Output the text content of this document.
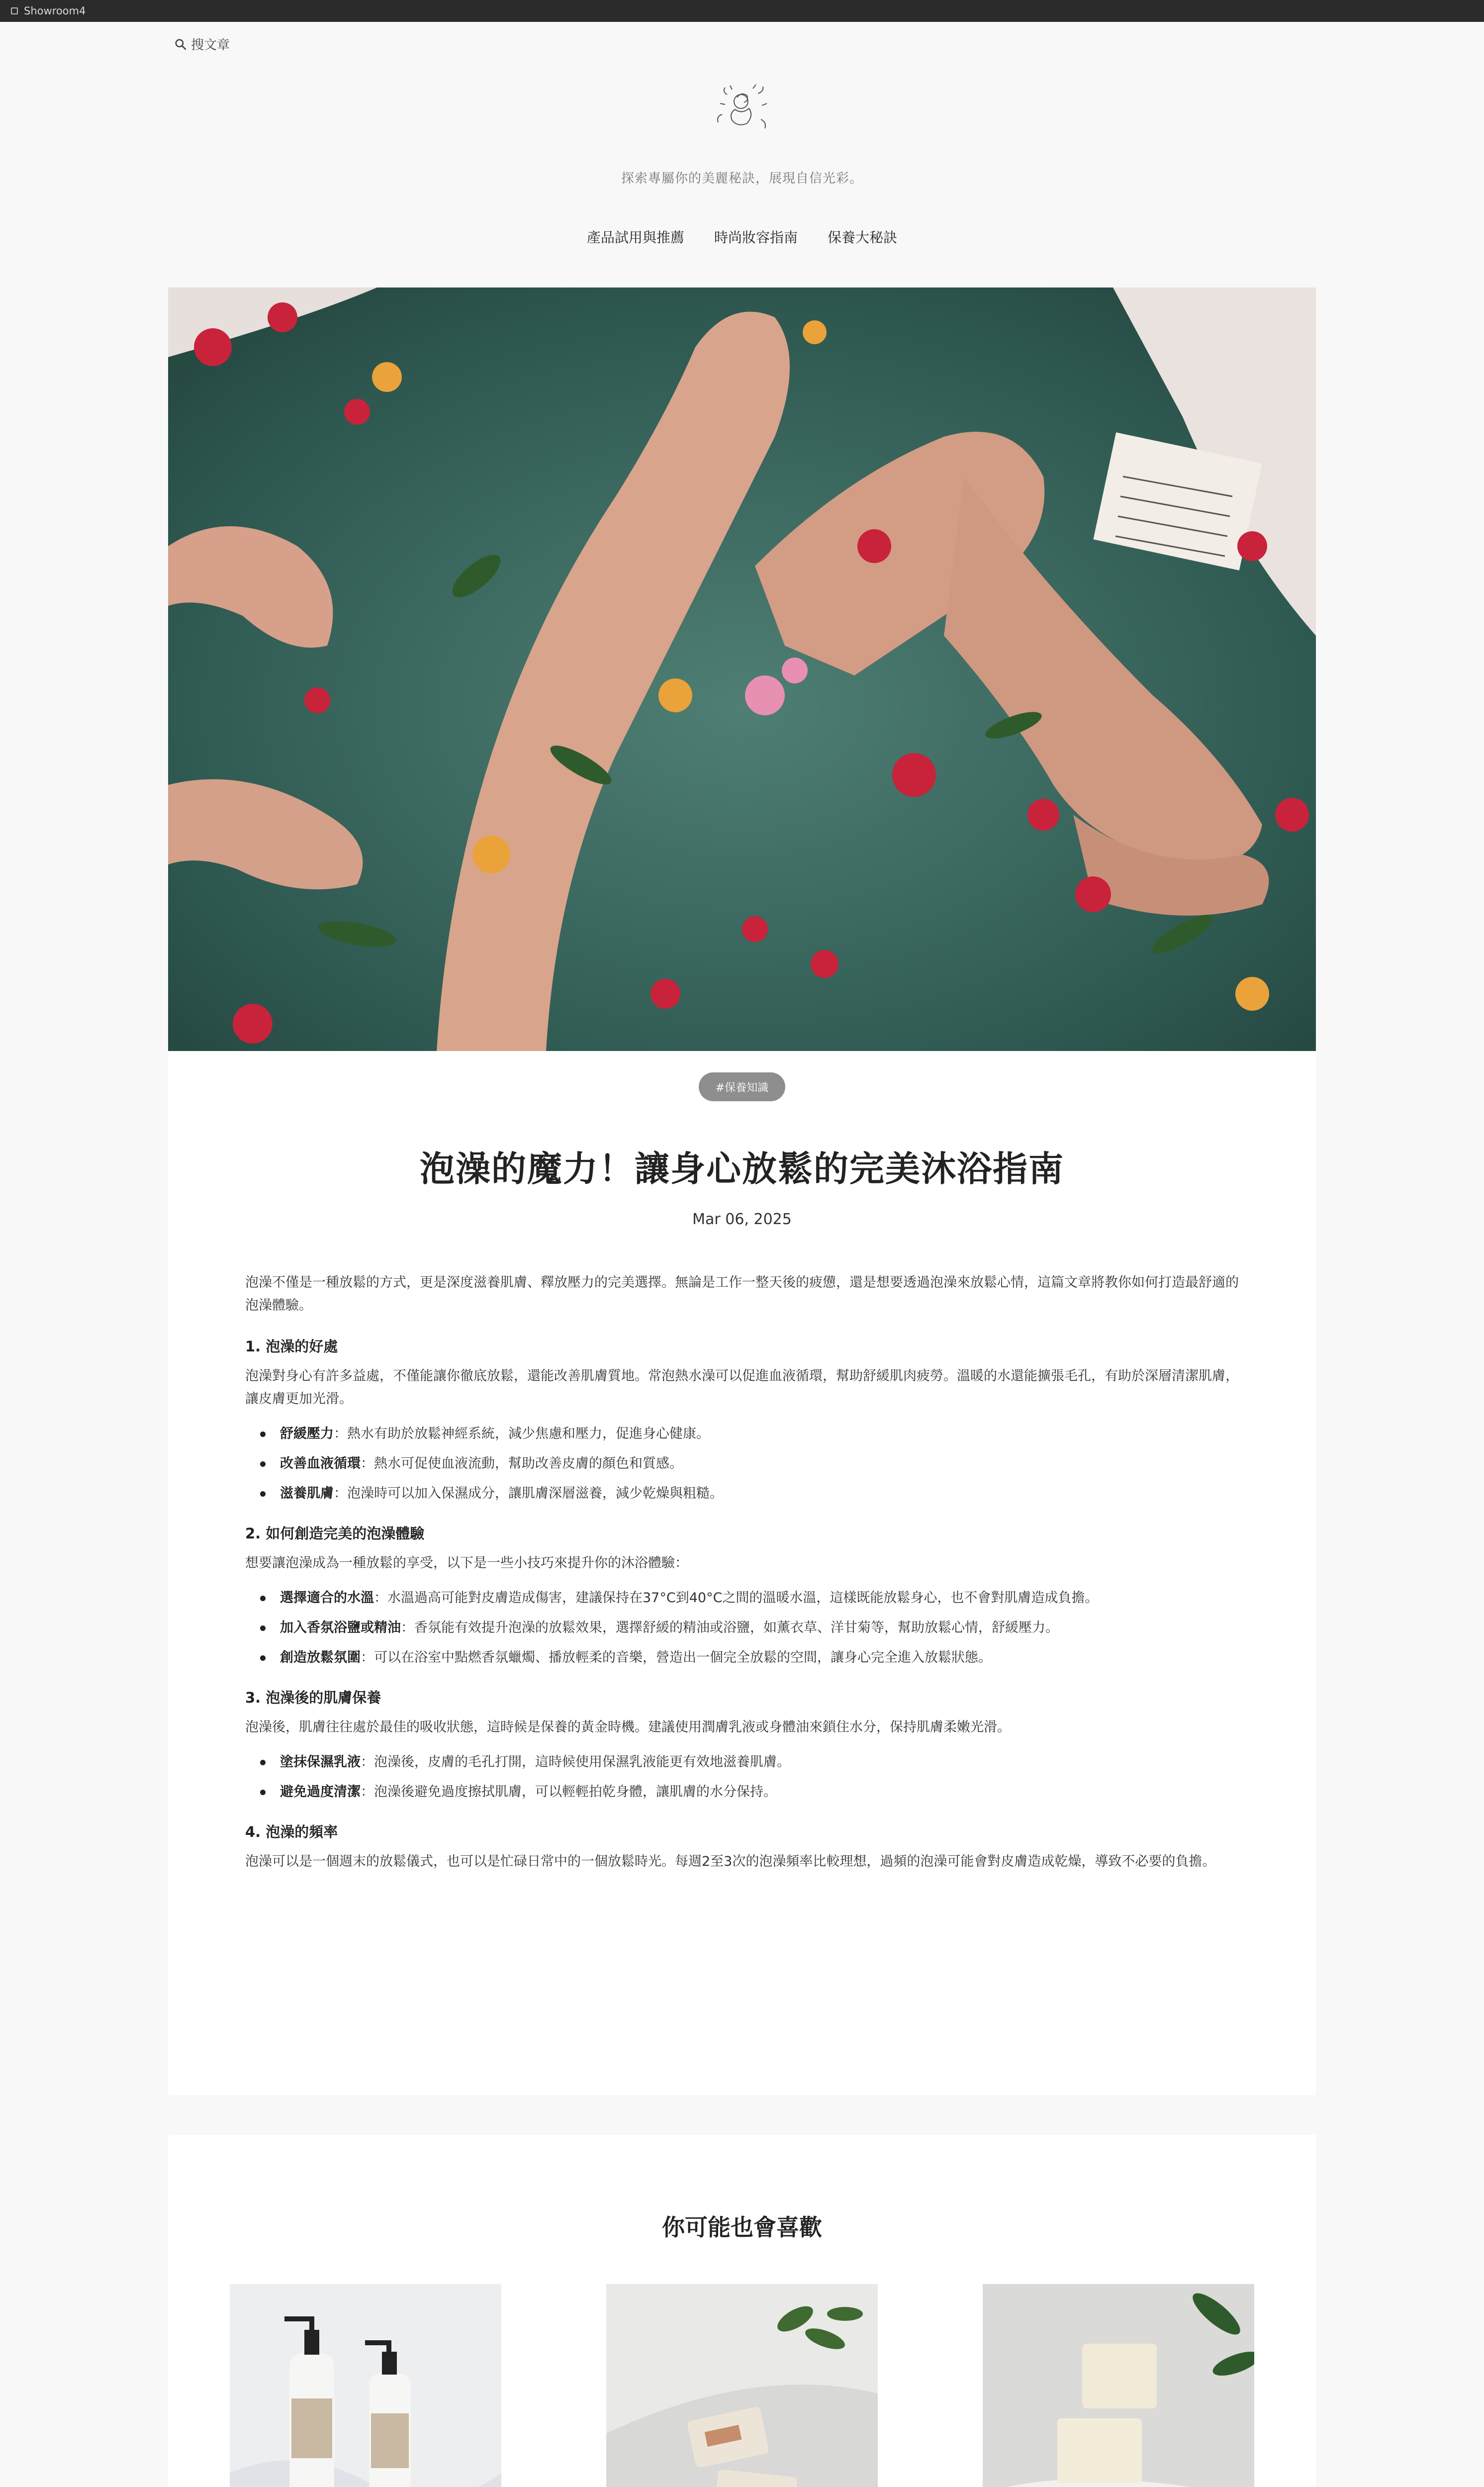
Showroom4
搜文章
探索專屬你的美麗秘訣，展現自信光彩。
產品試用與推薦 時尚妝容指南 保養大秘訣
#保養知識
泡澡的魔力！讓身心放鬆的完美沐浴指南
Mar 06, 2025

泡澡不僅是一種放鬆的方式，更是深度滋養肌膚、釋放壓力的完美選擇。無論是工作一整天後的疲憊，還是想要透過泡澡來放鬆心情，這篇文章將教你如何打造最舒適的泡澡體驗。

1. 泡澡的好處

泡澡對身心有許多益處，不僅能讓你徹底放鬆，還能改善肌膚質地。常泡熱水澡可以促進血液循環，幫助舒緩肌肉疲勞。溫暖的水還能擴張毛孔，有助於深層清潔肌膚，讓皮膚更加光滑。

舒緩壓力：熱水有助於放鬆神經系統，減少焦慮和壓力，促進身心健康。
改善血液循環：熱水可促使血液流動，幫助改善皮膚的顏色和質感。
滋養肌膚：泡澡時可以加入保濕成分，讓肌膚深層滋養，減少乾燥與粗糙。
2. 如何創造完美的泡澡體驗

想要讓泡澡成為一種放鬆的享受，以下是一些小技巧來提升你的沐浴體驗：

選擇適合的水溫：水溫過高可能對皮膚造成傷害，建議保持在37°C到40°C之間的溫暖水溫，這樣既能放鬆身心，也不會對肌膚造成負擔。
加入香氛浴鹽或精油：香氛能有效提升泡澡的放鬆效果，選擇舒緩的精油或浴鹽，如薰衣草、洋甘菊等，幫助放鬆心情，舒緩壓力。
創造放鬆氛圍：可以在浴室中點燃香氛蠟燭、播放輕柔的音樂，營造出一個完全放鬆的空間，讓身心完全進入放鬆狀態。
3. 泡澡後的肌膚保養

泡澡後，肌膚往往處於最佳的吸收狀態，這時候是保養的黃金時機。建議使用潤膚乳液或身體油來鎖住水分，保持肌膚柔嫩光滑。

塗抹保濕乳液：泡澡後，皮膚的毛孔打開，這時候使用保濕乳液能更有效地滋養肌膚。
避免過度清潔：泡澡後避免過度擦拭肌膚，可以輕輕拍乾身體，讓肌膚的水分保持。
4. 泡澡的頻率

泡澡可以是一個週末的放鬆儀式，也可以是忙碌日常中的一個放鬆時光。每週2至3次的泡澡頻率比較理想，過頻的泡澡可能會對皮膚造成乾燥，導致不必要的負擔。

你可能也會喜歡
